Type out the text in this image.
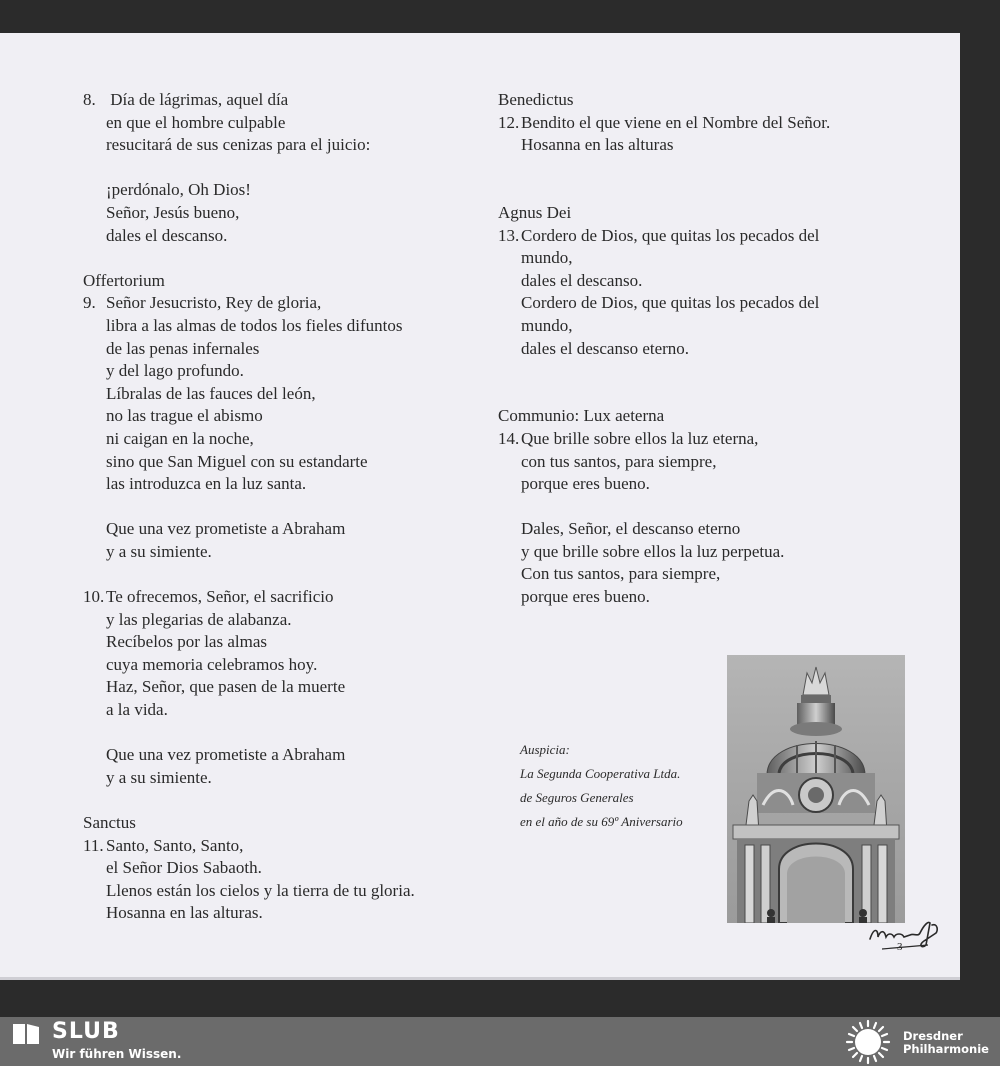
8. Día de lágrimas, aquel día
en que el hombre culpable
resucitará de sus cenizas para el juicio:
¡perdónalo, Oh Dios!
Señor, Jesús bueno,
dales el descanso.
Offertorium
9. Señor Jesucristo, Rey de gloria,
libra a las almas de todos los fieles difuntos
de las penas infernales
y del lago profundo.
Líbralas de las fauces del león,
no las trague el abismo
ni caigan en la noche,
sino que San Miguel con su estandarte
las introduzca en la luz santa.
Que una vez prometiste a Abraham
y a su simiente.
10. Te ofrecemos, Señor, el sacrificio
y las plegarias de alabanza.
Recíbelos por las almas
cuya memoria celebramos hoy.
Haz, Señor, que pasen de la muerte
a la vida.
Que una vez prometiste a Abraham
y a su simiente.
Sanctus
11. Santo, Santo, Santo,
el Señor Dios Sabaoth.
Llenos están los cielos y la tierra de tu gloria.
Hosanna en las alturas.
Benedictus
12. Bendito el que viene en el Nombre del Señor.
Hosanna en las alturas
Agnus Dei
13. Cordero de Dios, que quitas los pecados del
mundo,
dales el descanso.
Cordero de Dios, que quitas los pecados del
mundo,
dales el descanso eterno.
Communio: Lux aeterna
14. Que brille sobre ellos la luz eterna,
con tus santos, para siempre,
porque eres bueno.
Dales, Señor, el descanso eterno
y que brille sobre ellos la luz perpetua.
Con tus santos, para siempre,
porque eres bueno.
Auspicia:
La Segunda Cooperativa Ltda.
de Seguros Generales
en el año de su 69º Aniversario
3
SLUB
Wir führen Wissen.
Dresdner
Philharmonie
